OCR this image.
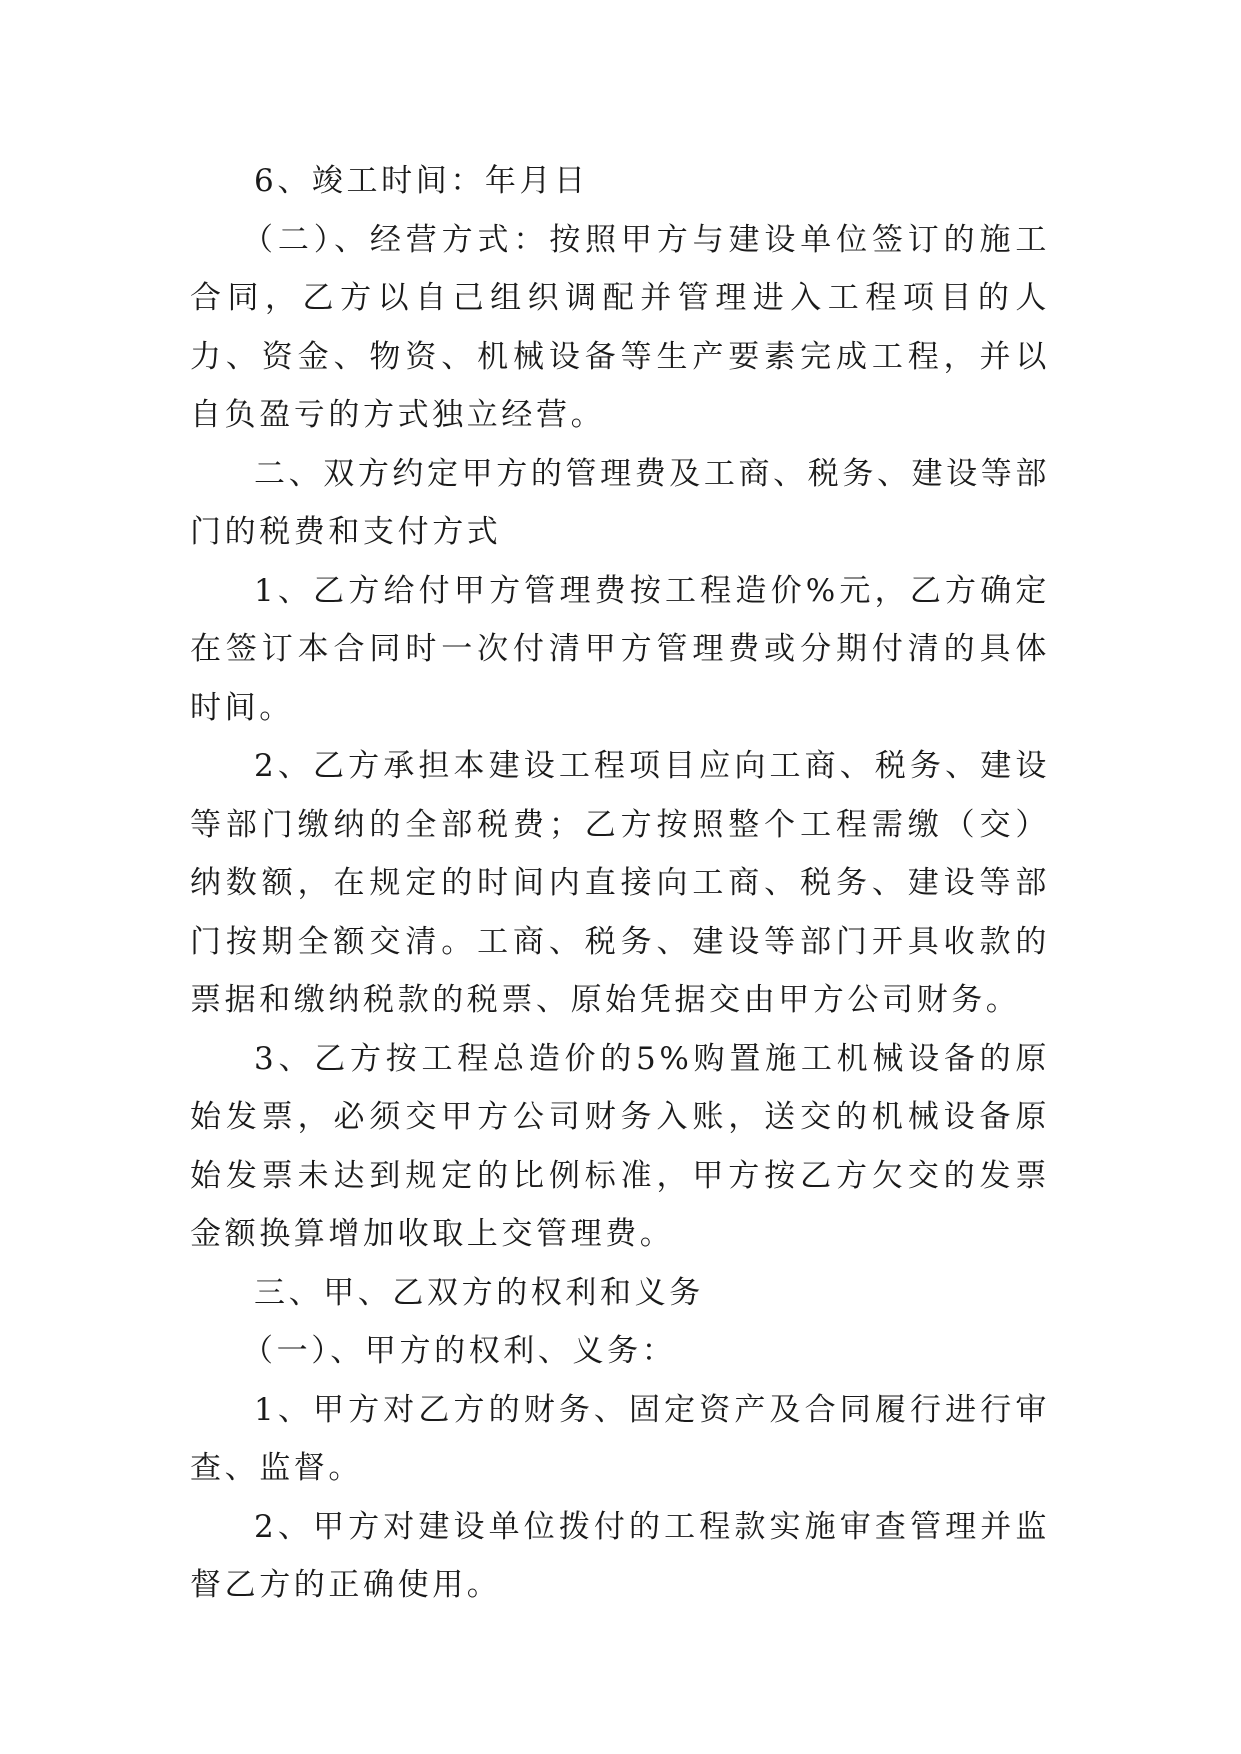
6、竣工时间：年月日

（二）、经营方式：按照甲方与建设单位签订的施工合同，乙方以自己组织调配并管理进入工程项目的人力、资金、物资、机械设备等生产要素完成工程，并以自负盈亏的方式独立经营。

二、双方约定甲方的管理费及工商、税务、建设等部门的税费和支付方式

1、乙方给付甲方管理费按工程造价%元，乙方确定在签订本合同时一次付清甲方管理费或分期付清的具体时间。

2、乙方承担本建设工程项目应向工商、税务、建设等部门缴纳的全部税费；乙方按照整个工程需缴（交）纳数额，在规定的时间内直接向工商、税务、建设等部门按期全额交清。工商、税务、建设等部门开具收款的票据和缴纳税款的税票、原始凭据交由甲方公司财务。

3、乙方按工程总造价的5%购置施工机械设备的原始发票，必须交甲方公司财务入账，送交的机械设备原始发票未达到规定的比例标准，甲方按乙方欠交的发票金额换算增加收取上交管理费。

三、甲、乙双方的权利和义务

（一）、甲方的权利、义务：

1、甲方对乙方的财务、固定资产及合同履行进行审查、监督。

2、甲方对建设单位拨付的工程款实施审查管理并监督乙方的正确使用。
